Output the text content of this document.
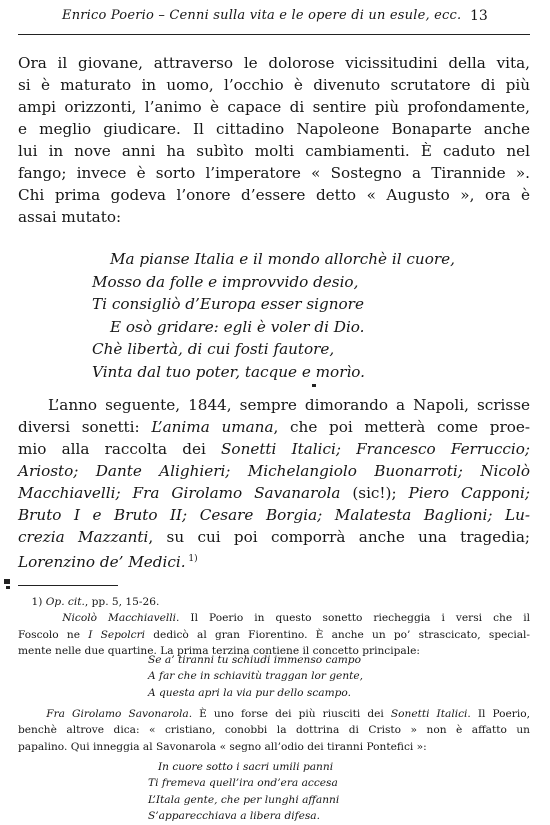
Enrico Poerio – Cenni sulla vita e le opere di un esule, ecc. 13
Ora il giovane, attraverso le dolorose vicissitudini della vita,
si è maturato in uomo, l’occhio è divenuto scrutatore di più
ampi orizzonti, l’animo è capace di sentire più profondamente,
e meglio giudicare. Il cittadino Napoleone Bonaparte anche
lui in nove anni ha subìto molti cambiamenti. È caduto nel
fango; invece è sorto l’imperatore « Sostegno a Tirannide ».
Chi prima godeva l’onore d’essere detto « Augusto », ora è
assai mutato:
Ma pianse Italia e il mondo allorchè il cuore,
Mosso da folle e improvvido desio,
Ti consigliò d’Europa esser signore
E osò gridare: egli è voler di Dio.
Chè libertà, di cui fosti fautore,
Vinta dal tuo poter, tacque e morìo.
L’anno seguente, 1844, sempre dimorando a Napoli, scrisse
diversi sonetti: L’anima umana, che poi metterà come proe-
mio alla raccolta dei Sonetti Italici; Francesco Ferruccio;
Ariosto; Dante Alighieri; Michelangiolo Buonarroti; Nicolò
Macchiavelli; Fra Girolamo Savanarola (sic!); Piero Capponi;
Bruto I e Bruto II; Cesare Borgia; Malatesta Baglioni; Lu-
crezia Mazzanti, su cui poi comporrà anche una tragedia;
Lorenzino de’ Medici. $^{1)}$
1) Op. cit., pp. 5, 15-26.
Nicolò Macchiavelli. Il Poerio in questo sonetto riecheggia i versi che il
Foscolo ne I Sepolcri dedicò al gran Fiorentino. È anche un po’ strascicato, special-
mente nelle due quartine. La prima terzina contiene il concetto principale:
Se a’ tiranni tu schiudi immenso campo
A far che in schiavitù traggan lor gente,
A questa apri la via pur dello scampo.
Fra Girolamo Savonarola. È uno forse dei più riusciti dei Sonetti Italici. Il Poerio,
benchè altrove dica: « cristiano, conobbi la dottrina di Cristo » non è affatto un
papalino. Qui inneggia al Savonarola « segno all’odio dei tiranni Pontefici »:
In cuore sotto i sacri umili panni
Ti fremeva quell’ira ond’era accesa
L’Itala gente, che per lunghi affanni
S’apparecchiava a libera difesa.
